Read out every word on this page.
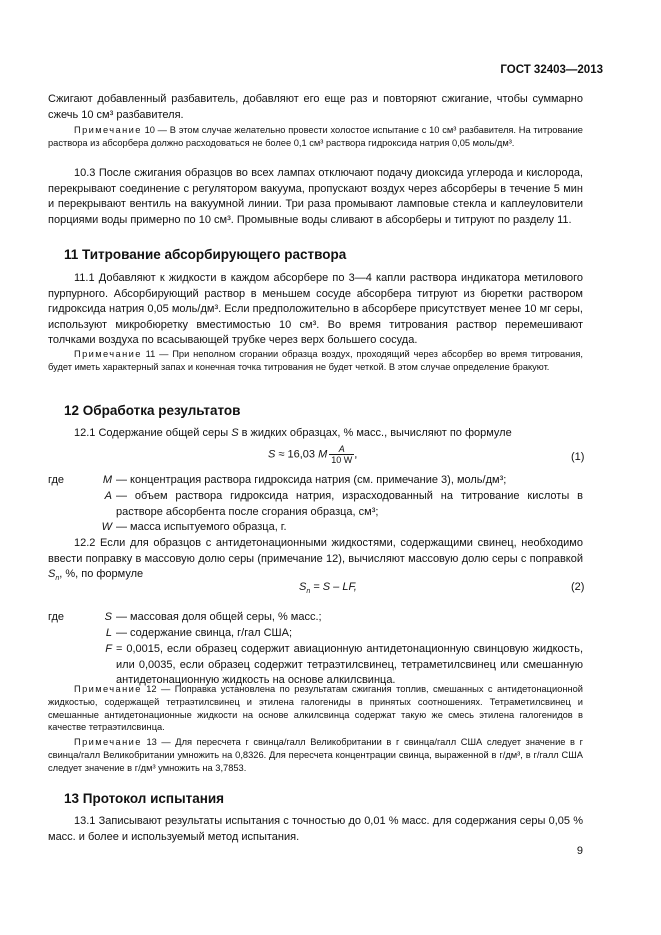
ГОСТ 32403—2013
Сжигают добавленный разбавитель, добавляют его еще раз и повторяют сжигание, чтобы суммарно сжечь 10 см³ разбавителя.
Примечание 10 — В этом случае желательно провести холостое испытание с 10 см³ разбавителя. На титрование раствора из абсорбера должно расходоваться не более 0,1 см³ раствора гидроксида натрия 0,05 моль/дм³.
10.3 После сжигания образцов во всех лампах отключают подачу диоксида углерода и кислорода, перекрывают соединение с регулятором вакуума, пропускают воздух через абсорберы в течение 5 мин и перекрывают вентиль на вакуумной линии. Три раза промывают ламповые стекла и каплеуловители порциями воды примерно по 10 см³. Промывные воды сливают в абсорберы и титруют по разделу 11.
11 Титрование абсорбирующего раствора
11.1 Добавляют к жидкости в каждом абсорбере по 3—4 капли раствора индикатора метилового пурпурного. Абсорбирующий раствор в меньшем сосуде абсорбера титруют из бюретки раствором гидроксида натрия 0,05 моль/дм³. Если предположительно в абсорбере присутствует менее 10 мг серы, используют микробюретку вместимостью 10 см³. Во время титрования раствор перемешивают толчками воздуха по всасывающей трубке через верх большего сосуда.
Примечание 11 — При неполном сгорании образца воздух, проходящий через абсорбер во время титрования, будет иметь характерный запах и конечная точка титрования не будет четкой. В этом случае определение бракуют.
12 Обработка результатов
12.1 Содержание общей серы S в жидких образцах, % масс., вычисляют по формуле
S ≈ 16,03 M $\frac{A}{10 W}$ ,	(1)
где	M — концентрация раствора гидроксида натрия (см. примечание 3), моль/дм³;
A — объем раствора гидроксида натрия, израсходованный на титрование кислоты в растворе абсорбента после сгорания образца, см³;
W — масса испытуемого образца, г.
12.2 Если для образцов с антидетонационными жидкостями, содержащими свинец, необходимо ввести поправку в массовую долю серы (примечание 12), вычисляют массовую долю серы с поправкой $S_n$, %, по формуле
$S_n = S$ – LF,	(2)
где	S — массовая доля общей серы, % масс.;
L — содержание свинца, г/гал США;
F = 0,0015, если образец содержит авиационную антидетонационную свинцовую жидкость, или 0,0035, если образец содержит тетраэтилсвинец, тетраметилсвинец или смешанную антидетонационную жидкость на основе алкилсвинца.
Примечание 12 — Поправка установлена по результатам сжигания топлив, смешанных с антидетонационной жидкостью, содержащей тетраэтилсвинец и этилена галогениды в принятых соотношениях. Тетраметилсвинец и смешанные антидетонационные жидкости на основе алкилсвинца содержат такую же смесь этилена галогенидов в качестве тетраэтилсвинца.
Примечание 13 — Для пересчета г свинца/галл Великобритании в г свинца/галл США следует значение в г свинца/галл Великобритании умножить на 0,8326. Для пересчета концентрации свинца, выраженной в г/дм³, в г/галл США следует значение в г/дм³ умножить на 3,7853.
13 Протокол испытания
13.1 Записывают результаты испытания с точностью до 0,01 % масс. для содержания серы 0,05 % масс. и более и используемый метод испытания.
9
